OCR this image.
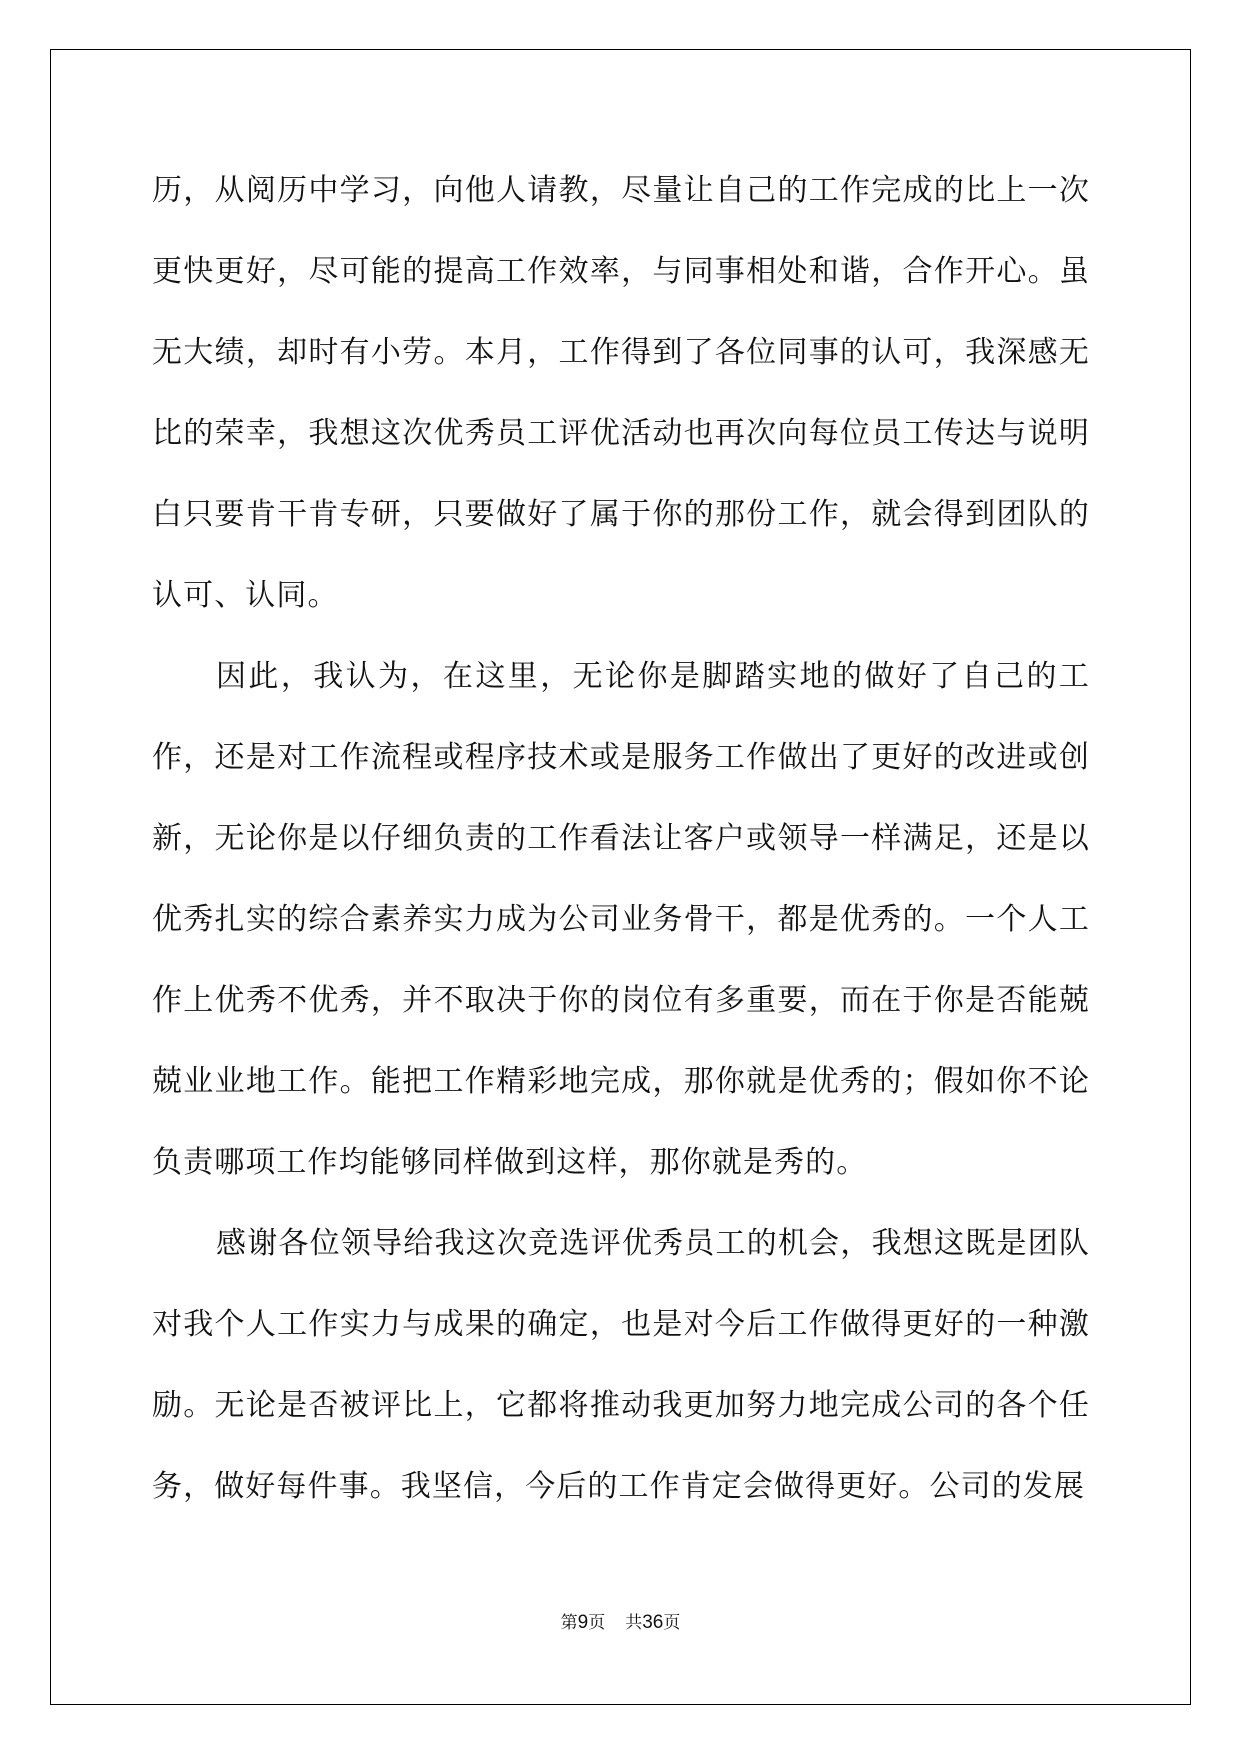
历，从阅历中学习，向他人请教，尽量让自己的工作完成的比上一次更快更好，尽可能的提高工作效率，与同事相处和谐，合作开心。虽无大绩，却时有小劳。本月，工作得到了各位同事的认可，我深感无比的荣幸，我想这次优秀员工评优活动也再次向每位员工传达与说明白只要肯干肯专研，只要做好了属于你的那份工作，就会得到团队的认可、认同。

因此，我认为，在这里，无论你是脚踏实地的做好了自己的工作，还是对工作流程或程序技术或是服务工作做出了更好的改进或创新，无论你是以仔细负责的工作看法让客户或领导一样满足，还是以优秀扎实的综合素养实力成为公司业务骨干，都是优秀的。一个人工作上优秀不优秀，并不取决于你的岗位有多重要，而在于你是否能兢兢业业地工作。能把工作精彩地完成，那你就是优秀的；假如你不论负责哪项工作均能够同样做到这样，那你就是秀的。

感谢各位领导给我这次竞选评优秀员工的机会，我想这既是团队对我个人工作实力与成果的确定，也是对今后工作做得更好的一种激励。无论是否被评比上，它都将推动我更加努力地完成公司的各个任务，做好每件事。我坚信，今后的工作肯定会做得更好。公司的发展

第9页 共36页
